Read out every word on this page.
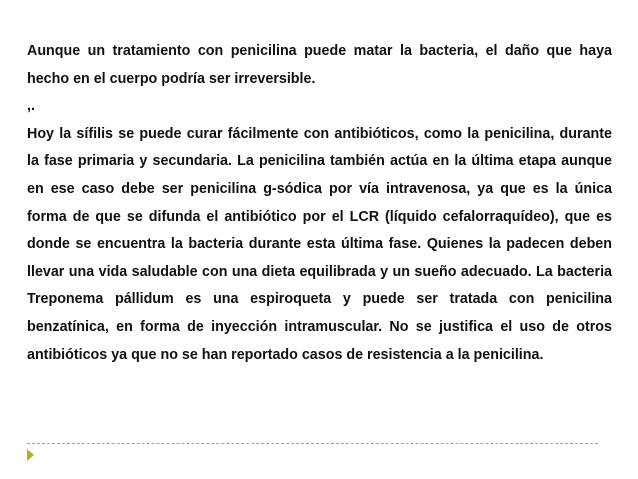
Aunque un tratamiento con penicilina puede matar la bacteria, el daño que haya hecho en el cuerpo podría ser irreversible.

,.

Hoy la sífilis se puede curar fácilmente con antibióticos, como la penicilina, durante la fase primaria y secundaria. La penicilina también actúa en la última etapa aunque en ese caso debe ser penicilina g-sódica por vía intravenosa, ya que es la única forma de que se difunda el antibiótico por el LCR (líquido cefalorraquídeo), que es donde se encuentra la bacteria durante esta última fase. Quienes la padecen deben llevar una vida saludable con una dieta equilibrada y un sueño adecuado. La bacteria Treponema pállidum es una espiroqueta y puede ser tratada con penicilina benzatínica, en forma de inyección intramuscular. No se justifica el uso de otros antibióticos ya que no se han reportado casos de resistencia a la penicilina.
